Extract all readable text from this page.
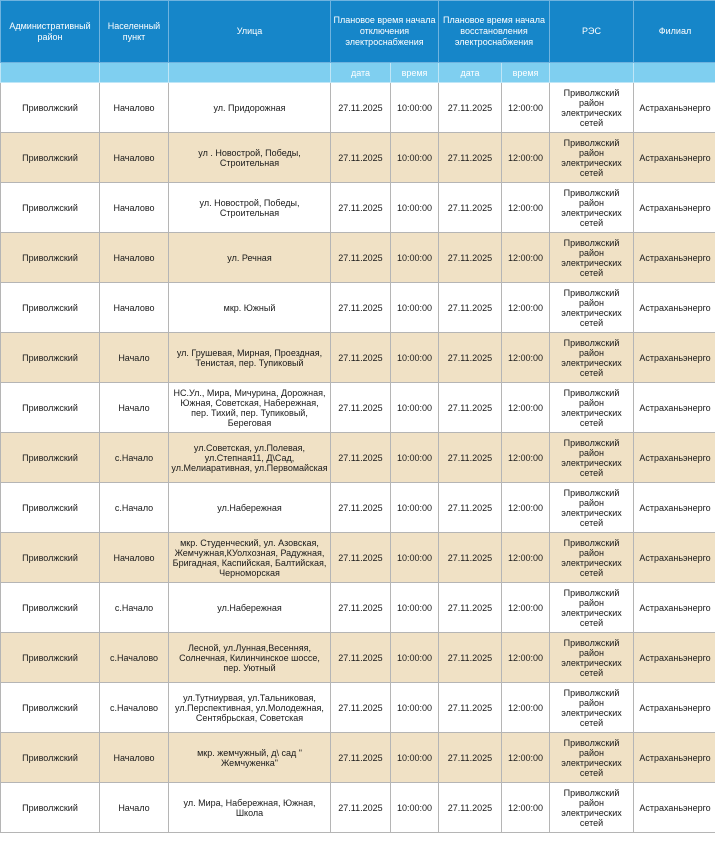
Административный район	Населенный пункт	Улица	Плановое время начала отключения электроснабжения		Плановое время начала восстановления электроснабжения		РЭС	Филиал
			дата	время	дата	время		
Приволжский	Началово	ул. Придорожная	27.11.2025	10:00:00	27.11.2025	12:00:00	Приволжский район электрических сетей	Астраханьэнерго
Приволжский	Началово	ул . Новострой, Победы, Строительная	27.11.2025	10:00:00	27.11.2025	12:00:00	Приволжский район электрических сетей	Астраханьэнерго
Приволжский	Началово	ул. Новострой, Победы, Строительная	27.11.2025	10:00:00	27.11.2025	12:00:00	Приволжский район электрических сетей	Астраханьэнерго
Приволжский	Началово	ул. Речная	27.11.2025	10:00:00	27.11.2025	12:00:00	Приволжский район электрических сетей	Астраханьэнерго
Приволжский	Началово	мкр. Южный	27.11.2025	10:00:00	27.11.2025	12:00:00	Приволжский район электрических сетей	Астраханьэнерго
Приволжский	Начало	ул. Грушевая, Мирная, Проездная, Тенистая, пер. Тупиковый	27.11.2025	10:00:00	27.11.2025	12:00:00	Приволжский район электрических сетей	Астраханьэнерго
Приволжский	Начало	НС.Ул., Мира, Мичурина, Дорожная, Южная, Советская, Набережная, пер. Тихий, пер. Тупиковый, Береговая	27.11.2025	10:00:00	27.11.2025	12:00:00	Приволжский район электрических сетей	Астраханьэнерго
Приволжский	с.Начало	ул.Советская, ул.Полевая, ул.Степная11, Д\Сад, ул.Мелиаративная, ул.Первомайская	27.11.2025	10:00:00	27.11.2025	12:00:00	Приволжский район электрических сетей	Астраханьэнерго
Приволжский	с.Начало	ул.Набережная	27.11.2025	10:00:00	27.11.2025	12:00:00	Приволжский район электрических сетей	Астраханьэнерго
Приволжский	Началово	мкр. Студенческий, ул. Азовская, Жемчужная,КУолхозная, Радужная, Бригадная, Каспийская, Балтийская, Черноморская	27.11.2025	10:00:00	27.11.2025	12:00:00	Приволжский район электрических сетей	Астраханьэнерго
Приволжский	с.Начало	ул.Набережная	27.11.2025	10:00:00	27.11.2025	12:00:00	Приволжский район электрических сетей	Астраханьэнерго
Приволжский	с.Началово	Лесной, ул.Лунная,Весенняя, Солнечная, Килинчинское шоссе, пер. Уютный	27.11.2025	10:00:00	27.11.2025	12:00:00	Приволжский район электрических сетей	Астраханьэнерго
Приволжский	с.Началово	ул.Тутниурвая, ул.Тальниковая, ул.Перспективная, ул.Молодежная, Сентябрьская, Советская	27.11.2025	10:00:00	27.11.2025	12:00:00	Приволжский район электрических сетей	Астраханьэнерго
Приволжский	Началово	мкр. жемчужный, д\ сад " Жемчуженка"	27.11.2025	10:00:00	27.11.2025	12:00:00	Приволжский район электрических сетей	Астраханьэнерго
Приволжский	Начало	ул. Мира, Набережная, Южная, Школа	27.11.2025	10:00:00	27.11.2025	12:00:00	Приволжский район электрических сетей	Астраханьэнерго
